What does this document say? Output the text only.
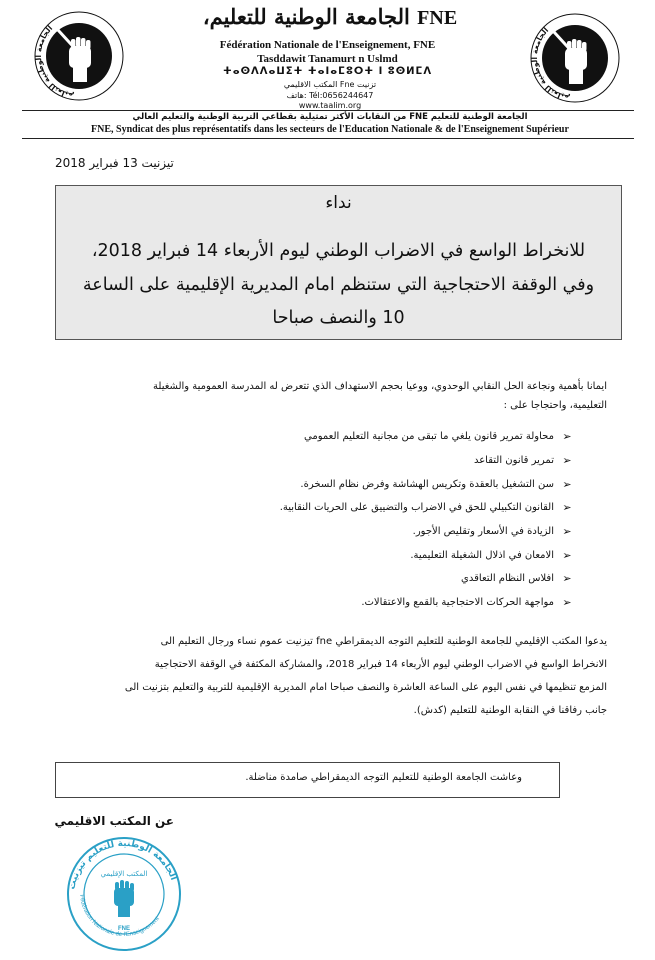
الجامعة الوطنية للتعليم
الجامعة الوطنية للتعليم
FNE الجامعة الوطنية للتعليم،
Fédération Nationale de l'Enseignement, FNE
Tasddawit Tanamurt n Uslmd
ⵜⴰⵙⴷⴷⴰⵡⵉⵜ ⵜⴰⵏⴰⵎⵓⵔⵜ ⵏ ⵓⵙⵍⵎⴷ
المكتب الاقليمي Fne تزنيت
هاتف: Tél:0656244647
www.taalim.org
الجامعة الوطنية للتعليم FNE من النقابات الأكثر تمثيلية بقطاعي التربية الوطنية والتعليم العالي
FNE, Syndicat des plus représentatifs dans les secteurs de l'Education Nationale & de l'Enseignement Supérieur
تيزنيت 13 فبراير 2018
نداء
للانخراط الواسع في الاضراب الوطني ليوم الأربعاء 14 فبراير 2018،
وفي الوقفة الاحتجاجية التي ستنظم امام المديرية الإقليمية على الساعة
10 والنصف صباحا
ايمانا بأهمية ونجاعة الحل النقابي الوحدوي، ووعيا بحجم الاستهداف الذي تتعرض له المدرسة العمومية والشغيلة
التعليمية، واحتجاجا على :
➢
محاولة تمرير قانون يلغي ما تبقى من مجانية التعليم العمومي
➢
تمرير قانون التقاعد
➢
سن التشغيل بالعقدة وتكريس الهشاشة وفرض نظام السخرة.
➢
القانون التكبيلي للحق في الاضراب والتضييق على الحريات النقابية.
➢
الزيادة في الأسعار وتقليص الأجور.
➢
الامعان في اذلال الشغيلة التعليمية.
➢
افلاس النظام التعاقدي
➢
مواجهة الحركات الاحتجاجية بالقمع والاعتقالات.
يدعوا المكتب الإقليمي للجامعة الوطنية للتعليم التوجه الديمقراطي fne تيزنيت عموم نساء ورجال التعليم الى
الانخراط الواسع في الاضراب الوطني ليوم الأربعاء 14 فبراير 2018، والمشاركة المكثفة في الوقفة الاحتجاجية
المزمع تنظيمها في نفس اليوم على الساعة العاشرة والنصف صباحا امام المديرية الإقليمية للتربية والتعليم بتزنيت الى
جانب رفاقنا في النقابة الوطنية للتعليم (كدش).
وعاشت الجامعة الوطنية للتعليم التوجه الديمقراطي صامدة مناضلة.
عن المكتب الاقليمي
الجامعة الوطنية للتعليم تيزنيت
Fédération Nationale de l'Enseignement
المكتب الإقليمي
FNE
